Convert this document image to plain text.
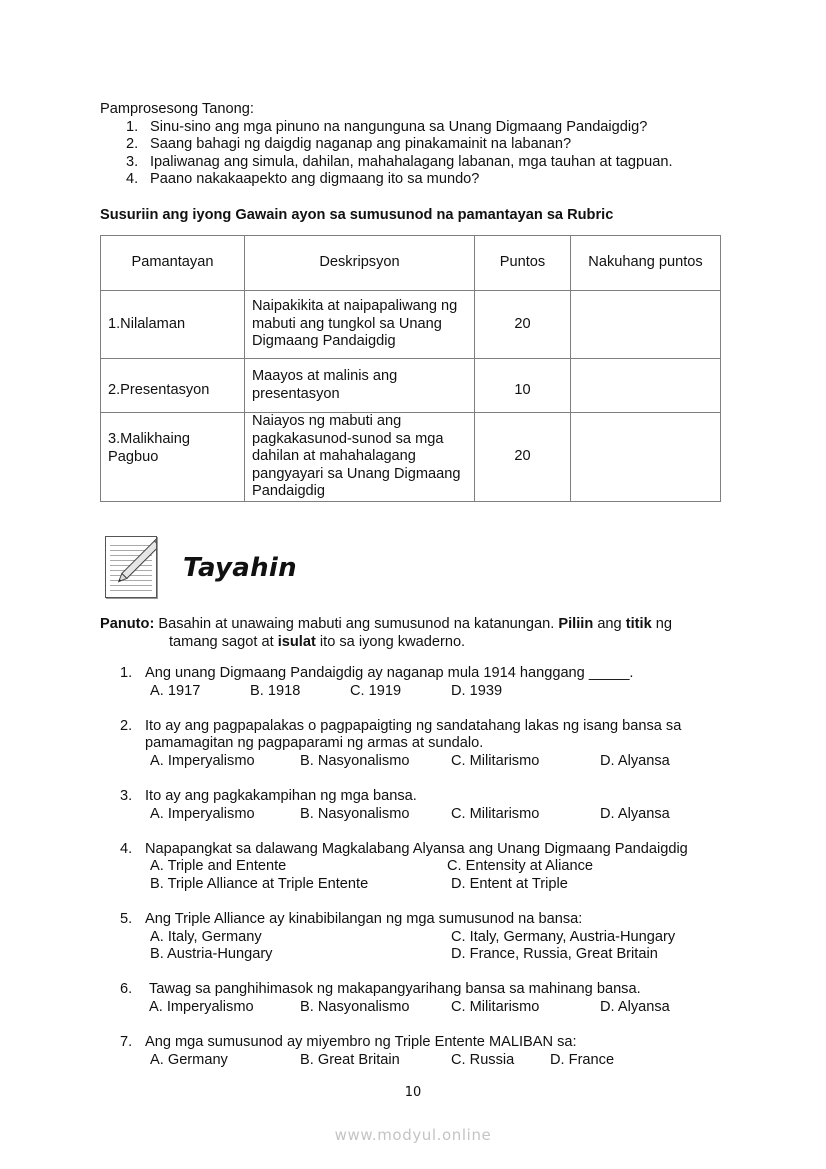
Pamprosesong Tanong:
1. Sinu-sino ang mga pinuno na nangunguna sa Unang Digmaang Pandaigdig?
2. Saang bahagi ng daigdig naganap ang pinakamainit na labanan?
3. Ipaliwanag ang simula, dahilan, mahahalagang labanan, mga tauhan at tagpuan.
4. Paano nakakaapekto ang digmaang ito sa mundo?
Susuriin ang iyong Gawain ayon sa sumusunod na pamantayan sa Rubric
Pamantayan	Deskripsyon	Puntos	Nakuhang puntos
1.Nilalaman	Naipakikita at naipapaliwang ng mabuti ang tungkol sa Unang Digmaang Pandaigdig	20	
2.Presentasyon	Maayos at malinis ang presentasyon	10	
3.Malikhaing Pagbuo	Naiayos ng mabuti ang pagkakasunod-sunod sa mga dahilan at mahahalagang pangyayari sa Unang Digmaang Pandaigdig	20	
Tayahin
Panuto: Basahin at unawaing mabuti ang sumusunod na katanungan. Piliin ang titik ng
tamang sagot at isulat ito sa iyong kwaderno.
1. Ang unang Digmaang Pandaigdig ay naganap mula 1914 hanggang _____.
A. 1917	B. 1918	C. 1919	D. 1939
2. Ito ay ang pagpapalakas o pagpapaigting ng sandatahang lakas ng isang bansa sa
pamamagitan ng pagpaparami ng armas at sundalo.
A. Imperyalismo	B. Nasyonalismo	C. Militarismo	D. Alyansa
3. Ito ay ang pagkakampihan ng mga bansa.
A. Imperyalismo	B. Nasyonalismo	C. Militarismo	D. Alyansa
4. Napapangkat sa dalawang Magkalabang Alyansa ang Unang Digmaang Pandaigdig
A. Triple and Entente	C. Entensity at Aliance
B. Triple Alliance at Triple Entente	D. Entent at Triple
5. Ang Triple Alliance ay kinabibilangan ng mga sumusunod na bansa:
A. Italy, Germany	C. Italy, Germany, Austria-Hungary
B. Austria-Hungary	D. France, Russia, Great Britain
6. Tawag sa panghihimasok ng makapangyarihang bansa sa mahinang bansa.
A. Imperyalismo	B. Nasyonalismo	C. Militarismo	D. Alyansa
7. Ang mga sumusunod ay miyembro ng Triple Entente MALIBAN sa:
A. Germany	B. Great Britain	C. Russia D. France
10
www.modyul.online
